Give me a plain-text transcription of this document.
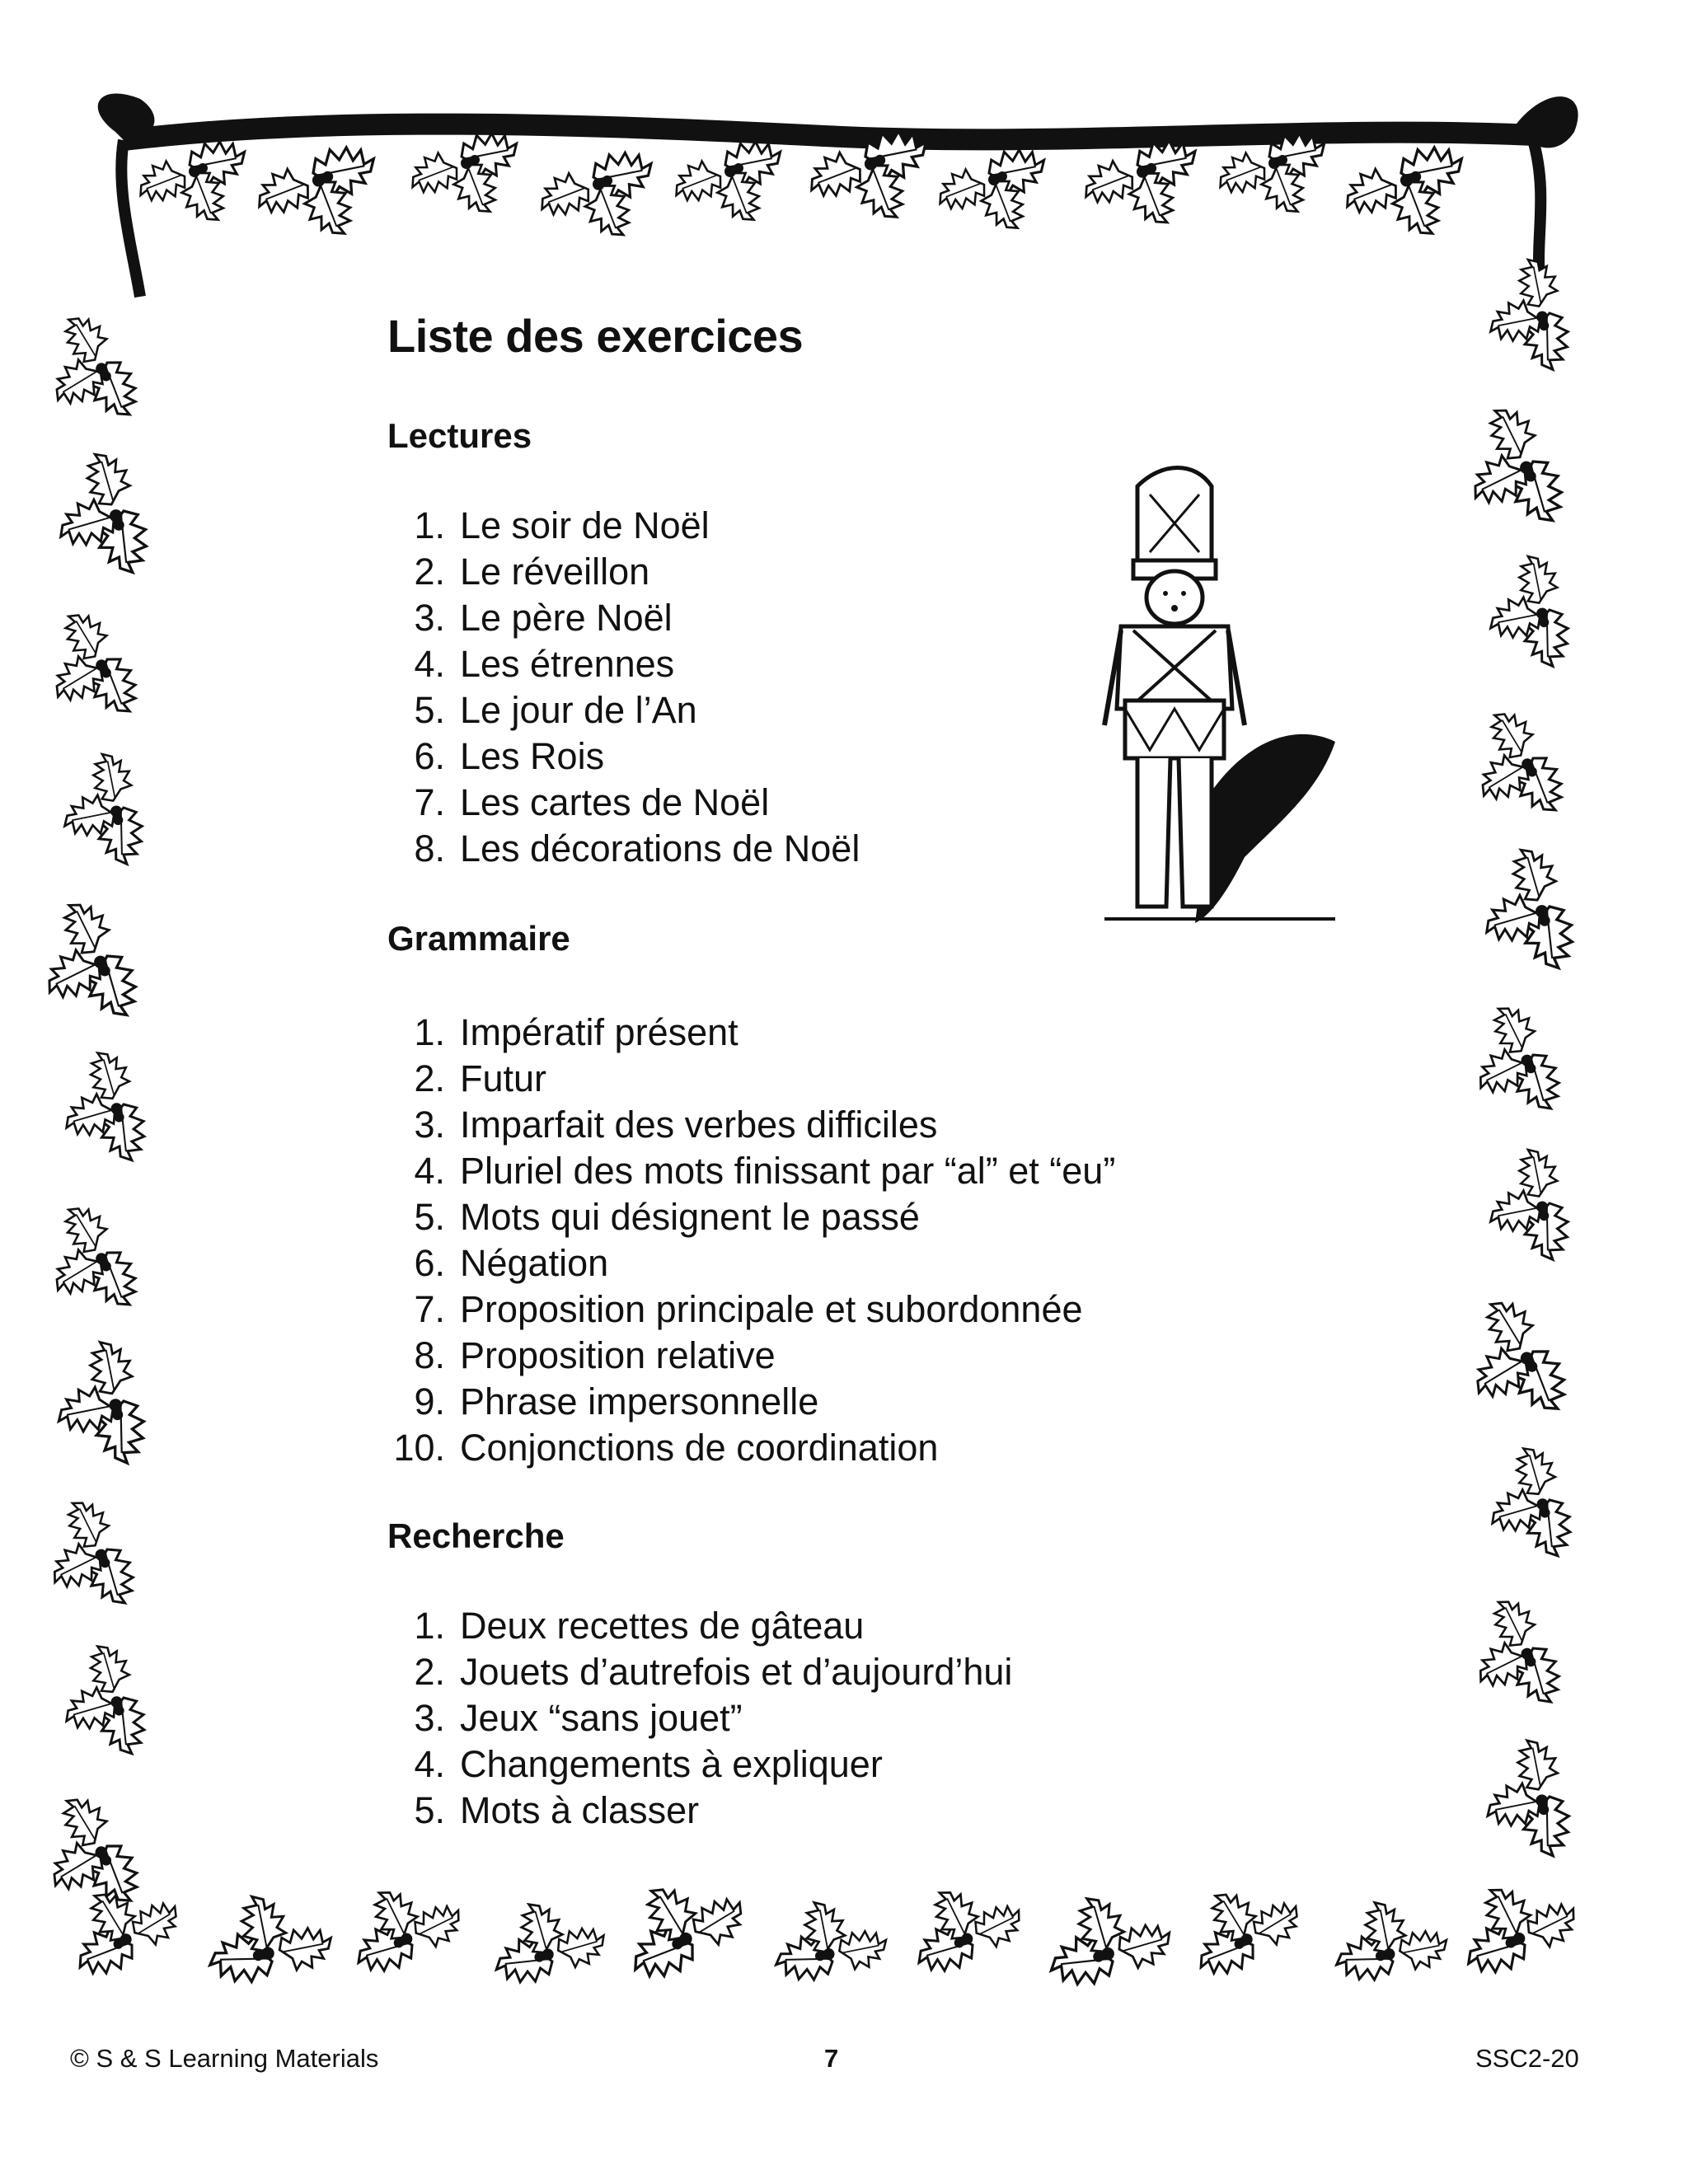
Liste des exercices
Lectures
1. Le soir de Noël
2. Le réveillon
3. Le père Noël
4. Les étrennes
5. Le jour de l’An
6. Les Rois
7. Les cartes de Noël
8. Les décorations de Noël
Grammaire
1. Impératif présent
2. Futur
3. Imparfait des verbes difficiles
4. Pluriel des mots finissant par “al” et “eu”
5. Mots qui désignent le passé
6. Négation
7. Proposition principale et subordonnée
8. Proposition relative
9. Phrase impersonnelle
10. Conjonctions de coordination
Recherche
1. Deux recettes de gâteau
2. Jouets d’autrefois et d’aujourd’hui
3. Jeux “sans jouet”
4. Changements à expliquer
5. Mots à classer
© S & S Learning Materials	7	SSC2-20
